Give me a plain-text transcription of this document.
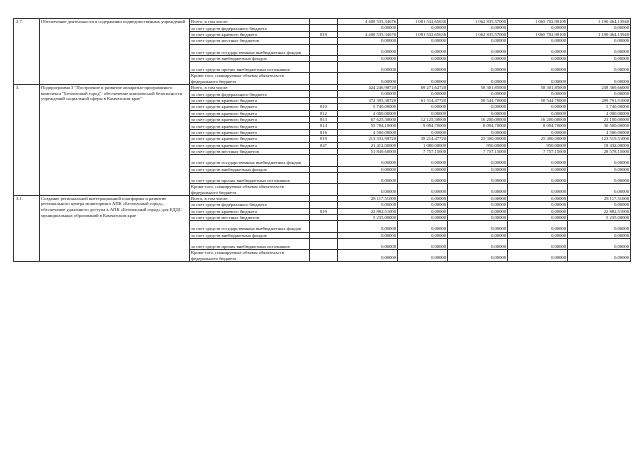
2.7.	Обеспечение деятельности в содержании подведомственных учреждений	Всего, в том числе:		4 400 535,34676	1 081 532,65636	1 062 835,57000	1 065 702,98100	1 190 464,13940
		за счет средств федерального бюджета		0,00000	0,00000	0,00000	0,00000	0,00000
		за счет средств краевого бюджета	819	4 400 535,34676	1 081 532,65636	1 062 835,57000	1 065 702,98100	1 190 464,13940
		за счет средств местных бюджетов		0,00000	0,00000	0,00000	0,00000	0,00000
		за счет средств государственных внебюджетных фондов		0,00000	0,00000	0,00000	0,00000	0,00000
		за счет средств внебюджетных фондов		0,00000	0,00000	0,00000	0,00000	0,00000
		за счет средств прочих внебюджетных источников		0,00000	0,00000	0,00000	0,00000	0,00000
		Кроме того, планируемые объемы обязательств федерального бюджета		0,00000	0,00000	0,00000	0,00000	0,00000
3.	Подпрограмма 3 "Построение и развитие аппаратно-программного комплекса "Безопасный город", обеспечение комплексной безопасности учреждений социальной сферы в Камчатском крае"	Всего, в том числе:		424 246,98720	69 271,62720	58 301,85000	58 301,85000	238 369,66000
		за счет средств федерального бюджета		0,00000	0,00000	0,00000	0,00000	0,00000
		за счет средств краевого бюджета		372 395,38720	61 514,47720	50 544,70000	50 544,70000	209 791,51000
		за счет средств краевого бюджета	810	5 740,00000	0,00000	0,00000	0,00000	5 740,00000
		за счет средств краевого бюджета	812	4 000,00000	0,00000	0,00000	0,00000	4 000,00000
		за счет средств краевого бюджета	813	67 625,30000	12 125,30000	16 200,00000	16 200,00000	23 100,00000
		за счет средств краевого бюджета	814	55 784,10000	9 094,70000	8 094,70000	8 094,70000	30 500,00000
		за счет средств краевого бюджета	816	4 500,00000	0,00000	0,00000	0,00000	4 500,00000
		за счет средств краевого бюджета	819	213 333,98720	39 214,47720	25 300,00000	25 300,00000	123 519,51000
		за счет средств краевого бюджета	847	21 412,00000	1 080,00000	950,00000	950,00000	18 432,00000
		за счет средств местных бюджетов		51 849,60000	7 757,15000	7 757,15000	7 757,15000	28 578,15000
		за счет средств государственных внебюджетных фондов		0,00000	0,00000	0,00000	0,00000	0,00000
		за счет средств внебюджетных фондов		0,00000	0,00000	0,00000	0,00000	0,00000
		за счет средств прочих внебюджетных источников		0,00000	0,00000	0,00000	0,00000	0,00000
		Кроме того, планируемые объемы обязательств федерального бюджета		0,00000	0,00000	0,00000	0,00000	0,00000
3.1.	Создание региональной интеграционной платформы и развитие регионального центра мониторинга АПК «Безопасный город», обеспечение удаленного доступа к АПК «Безопасный город» для ЕДДС муниципальных образований в Камчатском крае	Всего, в том числе:		28 117,51000	0,00000	0,00000	0,00000	28 117,51000
		за счет средств федерального бюджета		0,00000	0,00000	0,00000	0,00000	0,00000
		за счет средств краевого бюджета	819	22 882,51000	0,00000	0,00000	0,00000	22 882,51000
		за счет средств местных бюджетов		5 235,00000	0,00000	0,00000	0,00000	5 235,00000
		за счет средств государственных внебюджетных фондов		0,00000	0,00000	0,00000	0,00000	0,00000
		за счет средств внебюджетных фондов		0,00000	0,00000	0,00000	0,00000	0,00000
		за счет средств прочих внебюджетных источников		0,00000	0,00000	0,00000	0,00000	0,00000
		Кроме того, планируемые объемы обязательств федерального бюджета		0,00000	0,00000	0,00000	0,00000	0,00000
